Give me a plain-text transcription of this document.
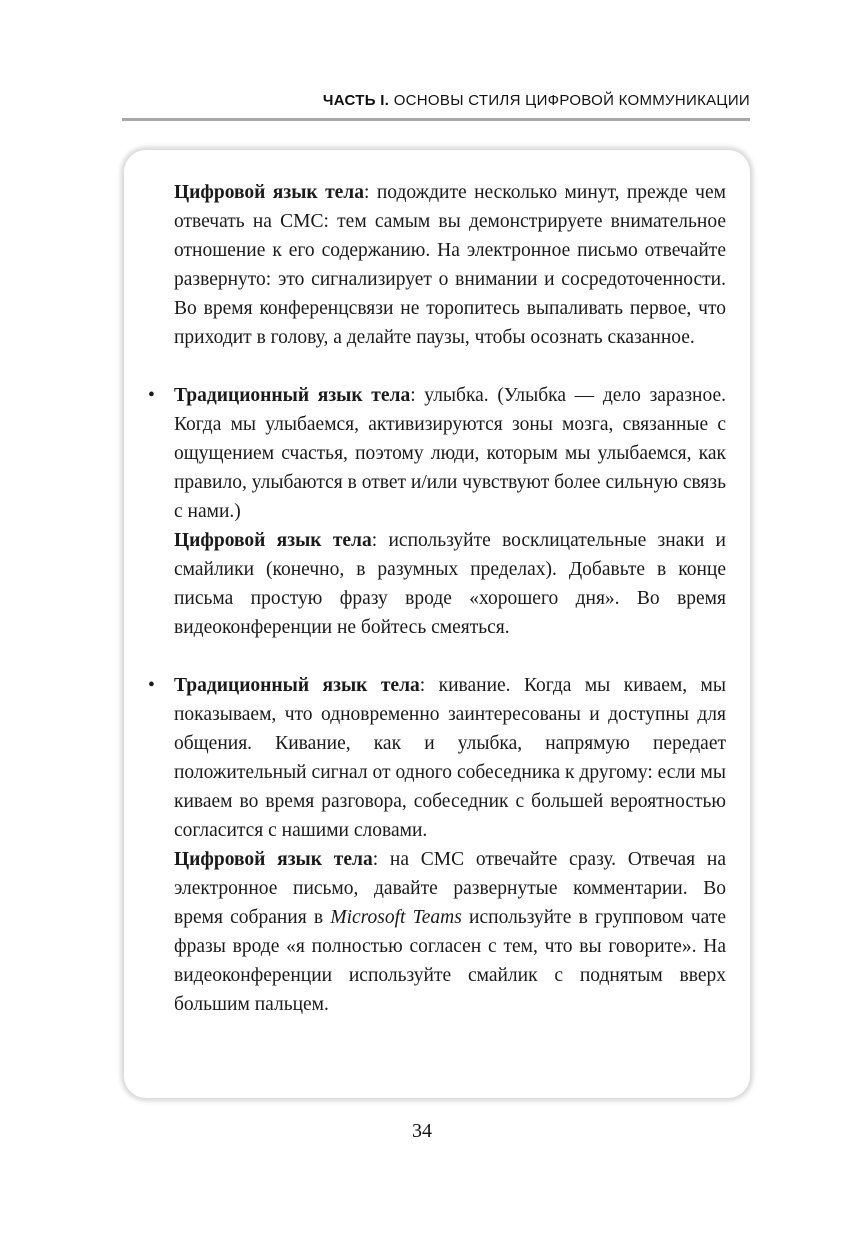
ЧАСТЬ I. ОСНОВЫ СТИЛЯ ЦИФРОВОЙ КОММУНИКАЦИИ

Цифровой язык тела: подождите несколько минут, прежде чем отвечать на СМС: тем самым вы демонстрируете внимательное отношение к его содержанию. На электронное письмо отвечайте развернуто: это сигнализирует о внимании и сосредоточенности. Во время конференцсвязи не торопитесь выпаливать первое, что приходит в голову, а делайте паузы, чтобы осознать сказанное.

• Традиционный язык тела: улыбка. (Улыбка — дело заразное. Когда мы улыбаемся, активизируются зоны мозга, связанные с ощущением счастья, поэтому люди, которым мы улыбаемся, как правило, улыбаются в ответ и/или чувствуют более сильную связь с нами.)

Цифровой язык тела: используйте восклицательные знаки и смайлики (конечно, в разумных пределах). Добавьте в конце письма простую фразу вроде «хорошего дня». Во время видеоконференции не бойтесь смеяться.

• Традиционный язык тела: кивание. Когда мы киваем, мы показываем, что одновременно заинтересованы и доступны для общения. Кивание, как и улыбка, напрямую передает положительный сигнал от одного собеседника к другому: если мы киваем во время разговора, собеседник с большей вероятностью согласится с нашими словами.

Цифровой язык тела: на СМС отвечайте сразу. Отвечая на электронное письмо, давайте развернутые комментарии. Во время собрания в Microsoft Teams используйте в групповом чате фразы вроде «я полностью согласен с тем, что вы говорите». На видеоконференции используйте смайлик с поднятым вверх большим пальцем.

34
